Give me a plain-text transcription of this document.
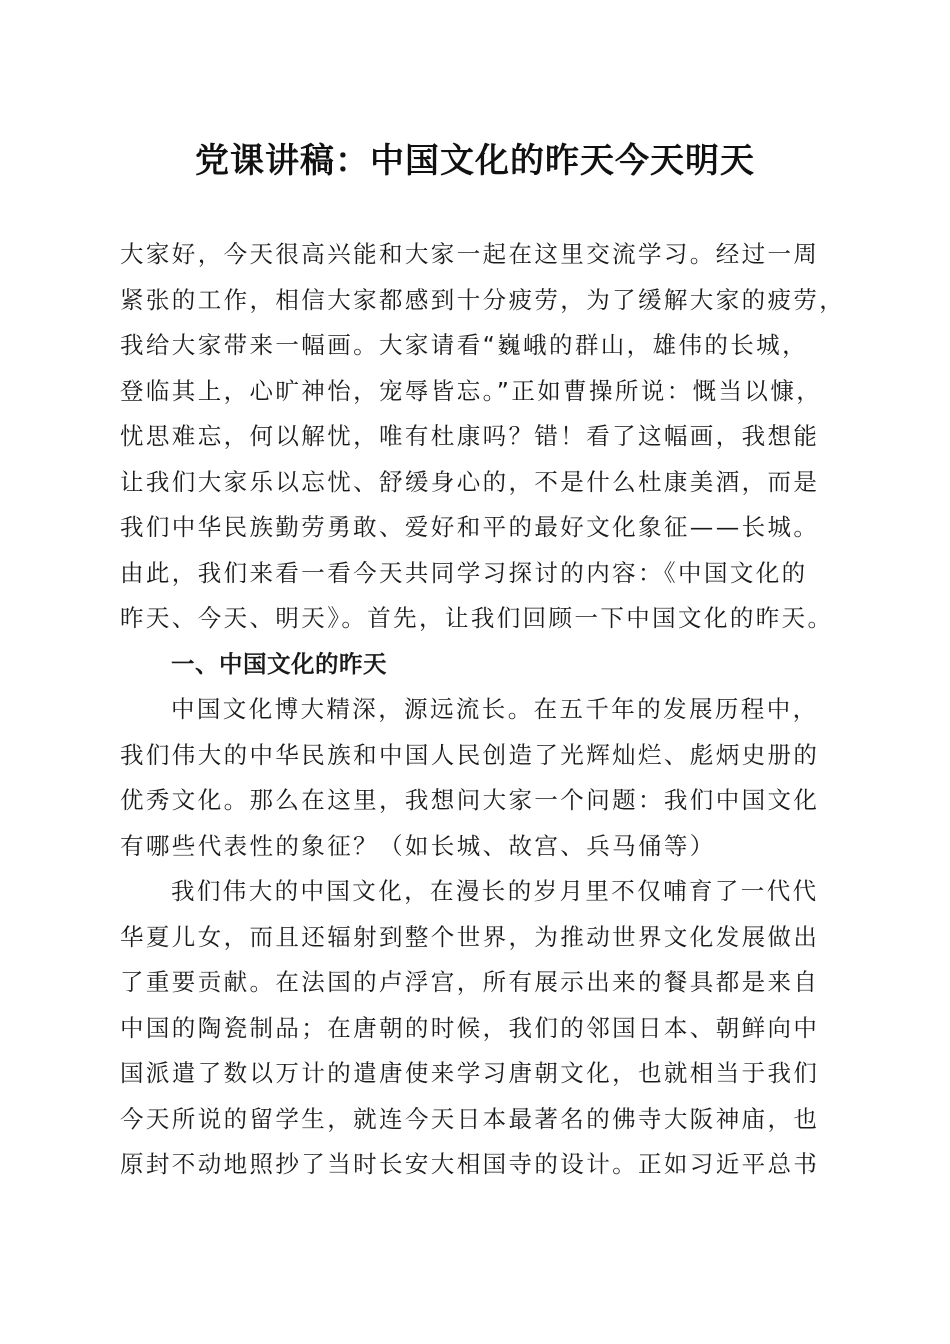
党课讲稿：中国文化的昨天今天明天
大家好，今天很高兴能和大家一起在这里交流学习。经过一周
紧张的工作，相信大家都感到十分疲劳，为了缓解大家的疲劳，
我给大家带来一幅画。大家请看“巍峨的群山，雄伟的长城，
登临其上，心旷神怡，宠辱皆忘。”正如曹操所说：慨当以慷，
忧思难忘，何以解忧，唯有杜康吗？错！看了这幅画，我想能
让我们大家乐以忘忧、舒缓身心的，不是什么杜康美酒，而是
我们中华民族勤劳勇敢、爱好和平的最好文化象征——长城。
由此，我们来看一看今天共同学习探讨的内容：《中国文化的
昨天、今天、明天》。首先，让我们回顾一下中国文化的昨天。
一、中国文化的昨天
中国文化博大精深，源远流长。在五千年的发展历程中，
我们伟大的中华民族和中国人民创造了光辉灿烂、彪炳史册的
优秀文化。那么在这里，我想问大家一个问题：我们中国文化
有哪些代表性的象征？（如长城、故宫、兵马俑等）
我们伟大的中国文化，在漫长的岁月里不仅哺育了一代代
华夏儿女，而且还辐射到整个世界，为推动世界文化发展做出
了重要贡献。在法国的卢浮宫，所有展示出来的餐具都是来自
中国的陶瓷制品；在唐朝的时候，我们的邻国日本、朝鲜向中
国派遣了数以万计的遣唐使来学习唐朝文化，也就相当于我们
今天所说的留学生，就连今天日本最著名的佛寺大阪神庙，也
原封不动地照抄了当时长安大相国寺的设计。正如习近平总书
